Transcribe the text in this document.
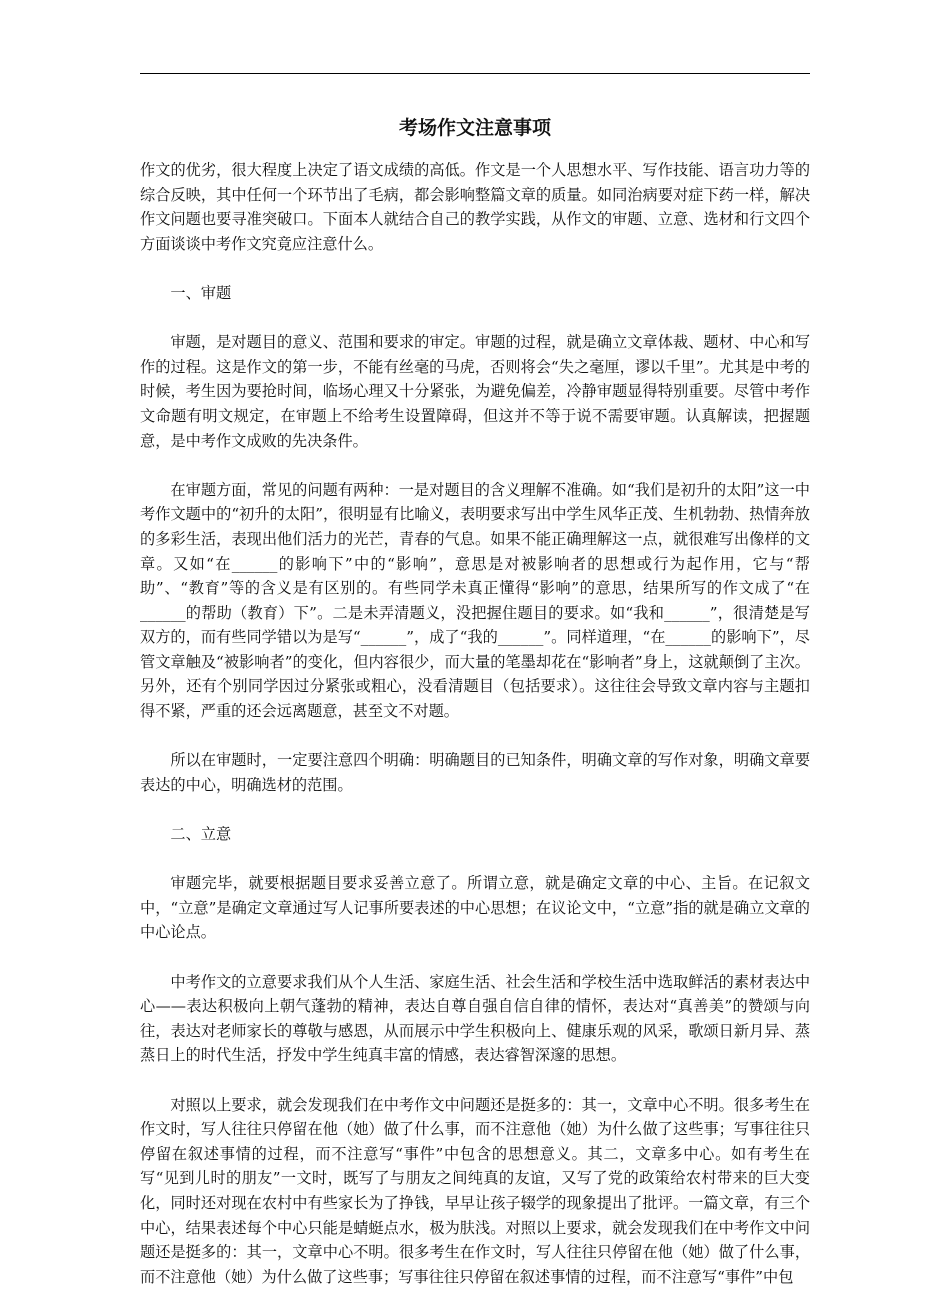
考场作文注意事项

作文的优劣，很大程度上决定了语文成绩的高低。作文是一个人思想水平、写作技能、语言功力等的综合反映，其中任何一个环节出了毛病，都会影响整篇文章的质量。如同治病要对症下药一样，解决作文问题也要寻准突破口。下面本人就结合自己的教学实践，从作文的审题、立意、选材和行文四个方面谈谈中考作文究竟应注意什么。

一、审题

审题，是对题目的意义、范围和要求的审定。审题的过程，就是确立文章体裁、题材、中心和写作的过程。这是作文的第一步，不能有丝毫的马虎，否则将会“失之毫厘，谬以千里”。尤其是中考的时候，考生因为要抢时间，临场心理又十分紧张，为避免偏差，冷静审题显得特别重要。尽管中考作文命题有明文规定，在审题上不给考生设置障碍，但这并不等于说不需要审题。认真解读，把握题意，是中考作文成败的先决条件。

在审题方面，常见的问题有两种：一是对题目的含义理解不准确。如“我们是初升的太阳”这一中考作文题中的“初升的太阳”，很明显有比喻义，表明要求写出中学生风华正茂、生机勃勃、热情奔放的多彩生活，表现出他们活力的光芒，青春的气息。如果不能正确理解这一点，就很难写出像样的文章。又如“在______的影响下”中的“影响”，意思是对被影响者的思想或行为起作用，它与“帮助”、“教育”等的含义是有区别的。有些同学未真正懂得“影响”的意思，结果所写的作文成了“在______的帮助（教育）下”。二是未弄清题义，没把握住题目的要求。如“我和______”，很清楚是写双方的，而有些同学错以为是写“______”，成了“我的______”。同样道理，“在______的影响下”，尽管文章触及“被影响者”的变化，但内容很少，而大量的笔墨却花在“影响者”身上，这就颠倒了主次。另外，还有个别同学因过分紧张或粗心，没看清题目（包括要求）。这往往会导致文章内容与主题扣得不紧，严重的还会远离题意，甚至文不对题。

所以在审题时，一定要注意四个明确：明确题目的已知条件，明确文章的写作对象，明确文章要表达的中心，明确选材的范围。

二、立意

审题完毕，就要根据题目要求妥善立意了。所谓立意，就是确定文章的中心、主旨。在记叙文中，“立意”是确定文章通过写人记事所要表述的中心思想；在议论文中，“立意”指的就是确立文章的中心论点。

中考作文的立意要求我们从个人生活、家庭生活、社会生活和学校生活中选取鲜活的素材表达中心——表达积极向上朝气蓬勃的精神，表达自尊自强自信自律的情怀，表达对“真善美”的赞颂与向往，表达对老师家长的尊敬与感恩，从而展示中学生积极向上、健康乐观的风采，歌颂日新月异、蒸蒸日上的时代生活，抒发中学生纯真丰富的情感，表达睿智深邃的思想。

对照以上要求，就会发现我们在中考作文中问题还是挺多的：其一，文章中心不明。很多考生在作文时，写人往往只停留在他（她）做了什么事，而不注意他（她）为什么做了这些事；写事往往只停留在叙述事情的过程，而不注意写“事件”中包含的思想意义。其二，文章多中心。如有考生在写“见到儿时的朋友”一文时，既写了与朋友之间纯真的友谊，又写了党的政策给农村带来的巨大变化，同时还对现在农村中有些家长为了挣钱，早早让孩子辍学的现象提出了批评。一篇文章，有三个中心，结果表述每个中心只能是蜻蜓点水，极为肤浅。对照以上要求，就会发现我们在中考作文中问题还是挺多的：其一，文章中心不明。很多考生在作文时，写人往往只停留在他（她）做了什么事，而不注意他（她）为什么做了这些事；写事往往只停留在叙述事情的过程，而不注意写“事件”中包
